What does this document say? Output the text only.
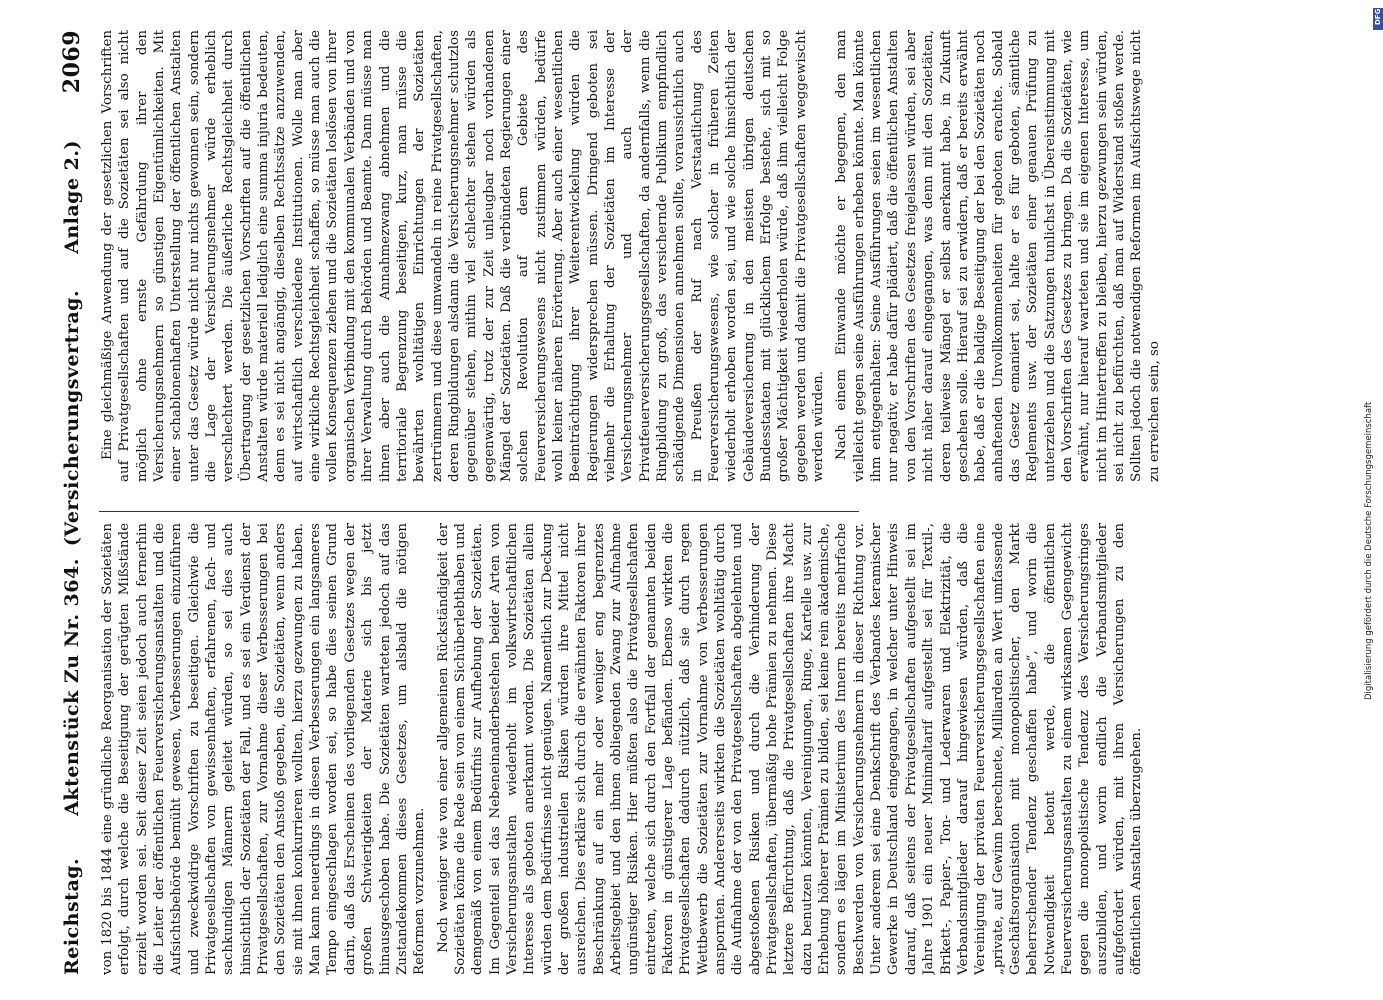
Reichstag.
Aktenstück Zu Nr. 364.
(Versicherungsvertrag.
Anlage 2.)
2069

von 1820 bis 1844 eine gründliche Reorganisation der Sozietäten erfolgt, durch welche die Beseitigung der gerügten Mißstände erzielt worden sei. Seit dieser Zeit seien jedoch auch fernerhin die Leiter der öffentlichen Feuerversicherungsanstalten und die Aufsichtsbehörde bemüht gewesen, Verbesserungen einzuführen und zweckwidrige Vorschriften zu beseitigen. Gleichwie die Privatgesellschaften von gewissenhaften, erfahrenen, fach- und sachkundigen Männern geleitet würden, so sei dies auch hinsichtlich der Sozietäten der Fall, und es sei ein Verdienst der Privatgesellschaften, zur Vornahme dieser Verbesserungen bei den Sozietäten den Anstoß gegeben, die Sozietäten, wenn anders sie mit ihnen konkurrieren wollten, hierzu gezwungen zu haben. Man kann neuerdings in diesen Verbesserungen ein langsameres Tempo eingeschlagen worden sei, so habe dies seinen Grund darin, daß das Erscheinen des vorliegenden Gesetzes wegen der großen Schwierigkeiten der Materie sich bis jetzt hinausgeschoben habe. Die Sozietäten warteten jedoch auf das Zustandekommen dieses Gesetzes, um alsbald die nötigen Reformen vorzunehmen. Noch weniger wie von einer allgemeinen Rückständigkeit der Sozietäten könne die Rede sein von einem Sichüberlebthaben und demgemäß von einem Bedürfnis zur Aufhebung der Sozietäten. Im Gegenteil sei das Nebeneinanderbestehen beider Arten von Versicherungsanstalten wiederholt im volkswirtschaftlichen Interesse als geboten anerkannt worden. Die Sozietäten allein würden dem Bedürfnisse nicht genügen. Namentlich zur Deckung der großen industriellen Risiken würden ihre Mittel nicht ausreichen. Dies erkläre sich durch die erwähnten Faktoren ihrer Beschränkung auf ein mehr oder weniger eng begrenztes Arbeitsgebiet und den ihnen obliegenden Zwang zur Aufnahme ungünstiger Risiken. Hier müßten also die Privatgesellschaften eintreten, welche sich durch den Fortfall der genannten beiden Faktoren in günstigerer Lage befänden. Ebenso wirkten die Privatgesellschaften dadurch nützlich, daß sie durch regen Wettbewerb die Sozietäten zur Vornahme von Verbesserungen anspornten. Andererseits wirkten die Sozietäten wohltätig durch die Aufnahme der von den Privatgesellschaften abgelehnten und abgestoßenen Risiken und durch die Verhinderung der Privatgesellschaften, übermäßig hohe Prämien zu nehmen. Diese letztere Befürchtung, daß die Privatgesellschaften ihre Macht dazu benutzen könnten, Vereinigungen, Ringe, Kartelle usw. zur Erhebung höherer Prämien zu bilden, sei keine rein akademische, sondern es lägen im Ministerium des Innern bereits mehrfache Beschwerden von Versicherungsnehmern in dieser Richtung vor. Unter anderem sei eine Denkschrift des Verbandes keramischer Gewerke in Deutschland eingegangen, in welcher unter Hinweis darauf, daß seitens der Privatgesellschaften aufgestellt sei im Jahre 1901 ein neuer Minimaltarif aufgestellt sei für Textil-, Brikett-, Papier-, Ton- und Lederwaren und Elektrizität, die Verbandsmitglieder darauf hingewiesen würden, daß die Vereinigung der privaten Feuerversicherungsgesellschaften eine „private, auf Gewinn berechnete, Milliarden an Wert umfassende Geschäftsorganisation mit monopolistischer, den Markt beherrschender Tendenz geschaffen habe“, und worin die Notwendigkeit betont werde, die öffentlichen Feuerversicherungsanstalten zu einem wirksamen Gegengewicht gegen die monopolistische Tendenz des Versicherungsringes auszubilden, und worin endlich die Verbandsmitglieder aufgefordert würden, mit ihren Versicherungen zu den öffentlichen Anstalten überzugehen.

Eine gleichmäßige Anwendung der gesetzlichen Vorschriften auf Privatgesellschaften und auf die Sozietäten sei also nicht möglich ohne ernste Gefährdung ihrer den Versicherungsnehmern so günstigen Eigentümlichkeiten. Mit einer schablonenhaften Unterstellung der öffentlichen Anstalten unter das Gesetz würde nicht nur nichts gewonnen sein, sondern die Lage der Versicherungsnehmer würde erheblich verschlechtert werden. Die äußerliche Rechtsgleichheit durch Übertragung der gesetzlichen Vorschriften auf die öffentlichen Anstalten würde materiell lediglich eine summa injuria bedeuten, denn es sei nicht angängig, dieselben Rechtssätze anzuwenden, auf wirtschaftlich verschiedene Institutionen. Wolle man aber eine wirkliche Rechtsgleichheit schaffen, so müsse man auch die vollen Konsequenzen ziehen und die Sozietäten loslösen von ihrer organischen Verbindung mit den kommunalen Verbänden und von ihrer Verwaltung durch Behörden und Beamte. Dann müsse man ihnen aber auch die Annahmezwang abnehmen und die territoriale Begrenzung beseitigen, kurz, man müsse die bewährten wohltätigen Einrichtungen der Sozietäten zertrümmern und diese umwandeln in reine Privatgesellschaften, deren Ringbildungen alsdann die Versicherungsnehmer schutzlos gegenüber stehen, mithin viel schlechter stehen würden als gegenwärtig, trotz der zur Zeit unleugbar noch vorhandenen Mängel der Sozietäten. Daß die verbündeten Regierungen einer solchen Revolution auf dem Gebiete des Feuerversicherungswesens nicht zustimmen würden, bedürfe wohl keiner näheren Erörterung. Aber auch einer wesentlichen Beeinträchtigung ihrer Weiterentwickelung würden die Regierungen widersprechen müssen. Dringend geboten sei vielmehr die Erhaltung der Sozietäten im Interesse der Versicherungsnehmer und auch der Privatfeuerversicherungsgesellschaften, da andernfalls, wenn die Ringbildung zu groß, das versichernde Publikum empfindlich schädigende Dimensionen annehmen sollte, voraussichtlich auch in Preußen der Ruf nach Verstaatlichung des Feuerversicherungswesens, wie solcher in früheren Zeiten wiederholt erhoben worden sei, und wie solche hinsichtlich der Gebäudeversicherung in den meisten übrigen deutschen Bundesstaaten mit glücklichem Erfolge bestehe, sich mit so großer Mächtigkeit wiederholen würde, daß ihm vielleicht Folge gegeben werden und damit die Privatgesellschaften weggewischt werden würden. Nach einem Einwande möchte er begegnen, den man vielleicht gegen seine Ausführungen erheben könnte. Man könnte ihm entgegenhalten: Seine Ausführungen seien im wesentlichen nur negativ, er habe dafür plädiert, daß die öffentlichen Anstalten von den Vorschriften des Gesetzes freigelassen würden, sei aber nicht näher darauf eingegangen, was denn mit den Sozietäten, deren teilweise Mängel er selbst anerkannt habe, in Zukunft geschehen solle. Hierauf sei zu erwidern, daß er bereits erwähnt habe, daß er die baldige Beseitigung der bei den Sozietäten noch anhaftenden Unvollkommenheiten für geboten erachte. Sobald das Gesetz emaniert sei, halte er es für geboten, sämtliche Reglements usw. der Sozietäten einer genauen Prüfung zu unterziehen und die Satzungen tunlichst in Übereinstimmung mit den Vorschriften des Gesetzes zu bringen. Da die Sozietäten, wie erwähnt, nur hierauf warteten und sie im eigenen Interesse, um nicht im Hintertreffen zu bleiben, hierzu gezwungen sein würden, sei nicht zu befürchten, daß man auf Widerstand stoßen werde. Sollten jedoch die notwendigen Reformen im Aufsichtswege nicht zu erreichen sein, so

DFG
Digitalisierung gefördert durch die Deutsche Forschungsgemeinschaft
